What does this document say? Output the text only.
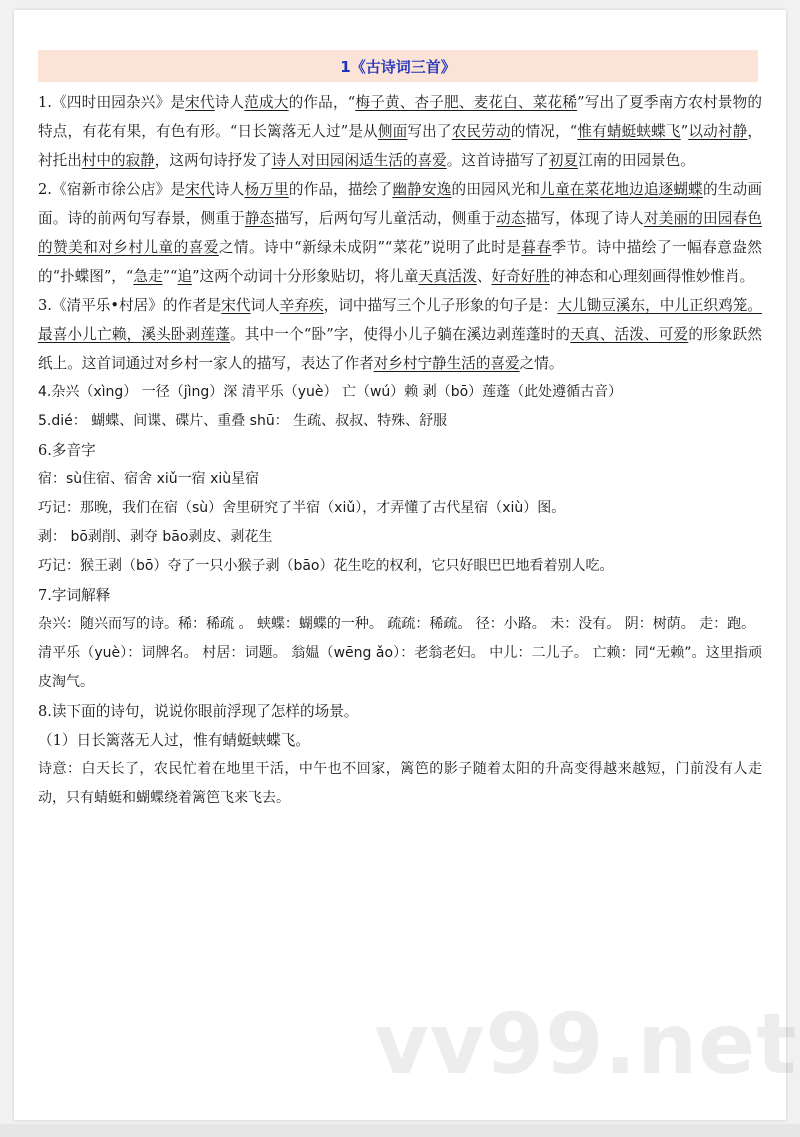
1《古诗词三首》

1.《四时田园杂兴》是宋代诗人范成大的作品，“梅子黄、杏子肥、麦花白、菜花稀”写出了夏季南方农村景物的特点，有花有果，有色有形。“日长篱落无人过”是从侧面写出了农民劳动的情况，“惟有蜻蜓蛱蝶飞”以动衬静，衬托出村中的寂静，这两句诗抒发了诗人对田园闲适生活的喜爱。这首诗描写了初夏江南的田园景色。

2.《宿新市徐公店》是宋代诗人杨万里的作品，描绘了幽静安逸的田园风光和儿童在菜花地边追逐蝴蝶的生动画面。诗的前两句写春景，侧重于静态描写，后两句写儿童活动，侧重于动态描写，体现了诗人对美丽的田园春色的赞美和对乡村儿童的喜爱之情。诗中“新绿未成阴”“菜花”说明了此时是暮春季节。诗中描绘了一幅春意盎然的“扑蝶图”，“急走”“追”这两个动词十分形象贴切，将儿童天真活泼、好奇好胜的神态和心理刻画得惟妙惟肖。

3.《清平乐•村居》的作者是宋代词人辛弃疾，词中描写三个儿子形象的句子是：大儿锄豆溪东，中儿正织鸡笼。最喜小儿亡赖，溪头卧剥莲蓬。其中一个“卧”字，使得小儿子躺在溪边剥莲蓬时的天真、活泼、可爱的形象跃然纸上。这首词通过对乡村一家人的描写，表达了作者对乡村宁静生活的喜爱之情。

4.杂兴（xìng） 一径（jìng）深 清平乐（yuè） 亡（wú）赖 剥（bō）莲蓬（此处遵循古音）

5.dié： 蝴蝶、间谍、碟片、重叠 shū： 生疏、叔叔、特殊、舒服

6.多音字

宿：sù住宿、宿舍 xiǔ一宿 xiù星宿

巧记：那晚，我们在宿（sù）舍里研究了半宿（xiǔ），才弄懂了古代星宿（xiù）图。

剥： bō剥削、剥夺 bāo剥皮、剥花生

巧记：猴王剥（bō）夺了一只小猴子剥（bāo）花生吃的权利，它只好眼巴巴地看着别人吃。

7.字词解释

杂兴：随兴而写的诗。稀：稀疏 。 蛱蝶：蝴蝶的一种。 疏疏：稀疏。 径：小路。 未：没有。 阴：树荫。 走：跑。

清平乐（yuè）：词牌名。 村居：词题。 翁媪（wēng ǎo）：老翁老妇。 中儿：二儿子。 亡赖：同“无赖”。这里指顽皮淘气。

8.读下面的诗句，说说你眼前浮现了怎样的场景。

（1）日长篱落无人过，惟有蜻蜓蛱蝶飞。

诗意：白天长了，农民忙着在地里干活，中午也不回家，篱笆的影子随着太阳的升高变得越来越短，门前没有人走动，只有蜻蜓和蝴蝶绕着篱笆飞来飞去。

vv99.net
